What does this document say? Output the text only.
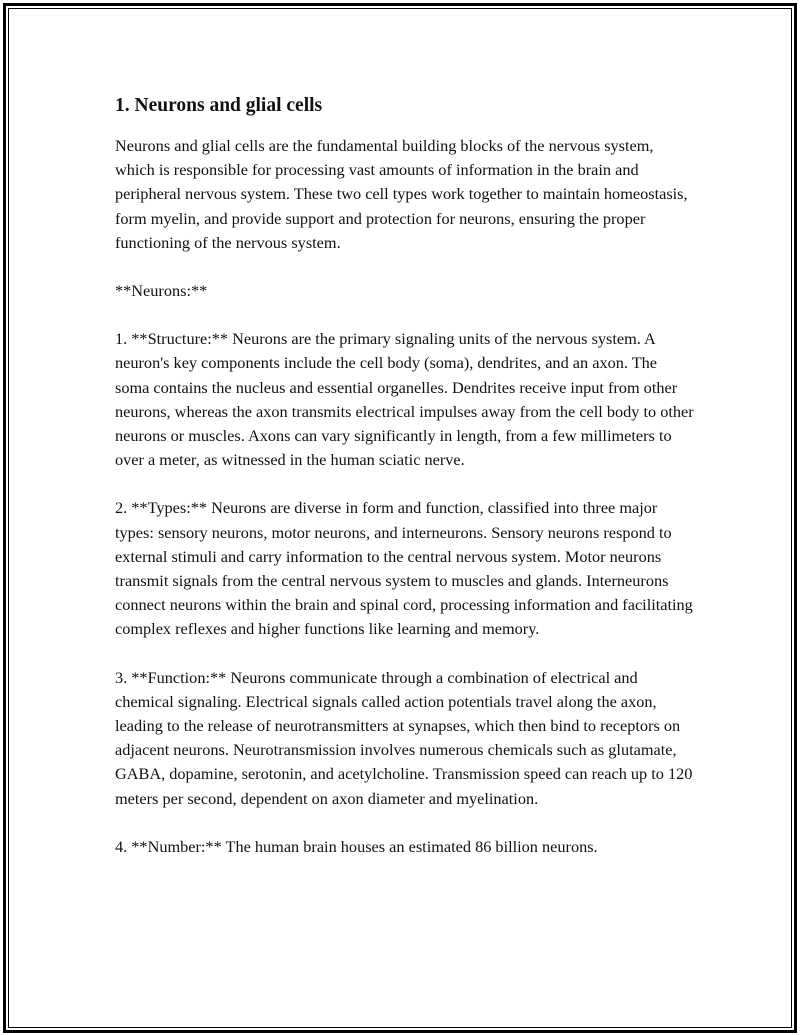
1. Neurons and glial cells

Neurons and glial cells are the fundamental building blocks of the nervous system, which is responsible for processing vast amounts of information in the brain and peripheral nervous system. These two cell types work together to maintain homeostasis, form myelin, and provide support and protection for neurons, ensuring the proper functioning of the nervous system.

**Neurons:**

1. **Structure:** Neurons are the primary signaling units of the nervous system. A neuron's key components include the cell body (soma), dendrites, and an axon. The soma contains the nucleus and essential organelles. Dendrites receive input from other neurons, whereas the axon transmits electrical impulses away from the cell body to other neurons or muscles. Axons can vary significantly in length, from a few millimeters to over a meter, as witnessed in the human sciatic nerve.

2. **Types:** Neurons are diverse in form and function, classified into three major types: sensory neurons, motor neurons, and interneurons. Sensory neurons respond to external stimuli and carry information to the central nervous system. Motor neurons transmit signals from the central nervous system to muscles and glands. Interneurons connect neurons within the brain and spinal cord, processing information and facilitating complex reflexes and higher functions like learning and memory.

3. **Function:** Neurons communicate through a combination of electrical and chemical signaling. Electrical signals called action potentials travel along the axon, leading to the release of neurotransmitters at synapses, which then bind to receptors on adjacent neurons. Neurotransmission involves numerous chemicals such as glutamate, GABA, dopamine, serotonin, and acetylcholine. Transmission speed can reach up to 120 meters per second, dependent on axon diameter and myelination.

4. **Number:** The human brain houses an estimated 86 billion neurons.
